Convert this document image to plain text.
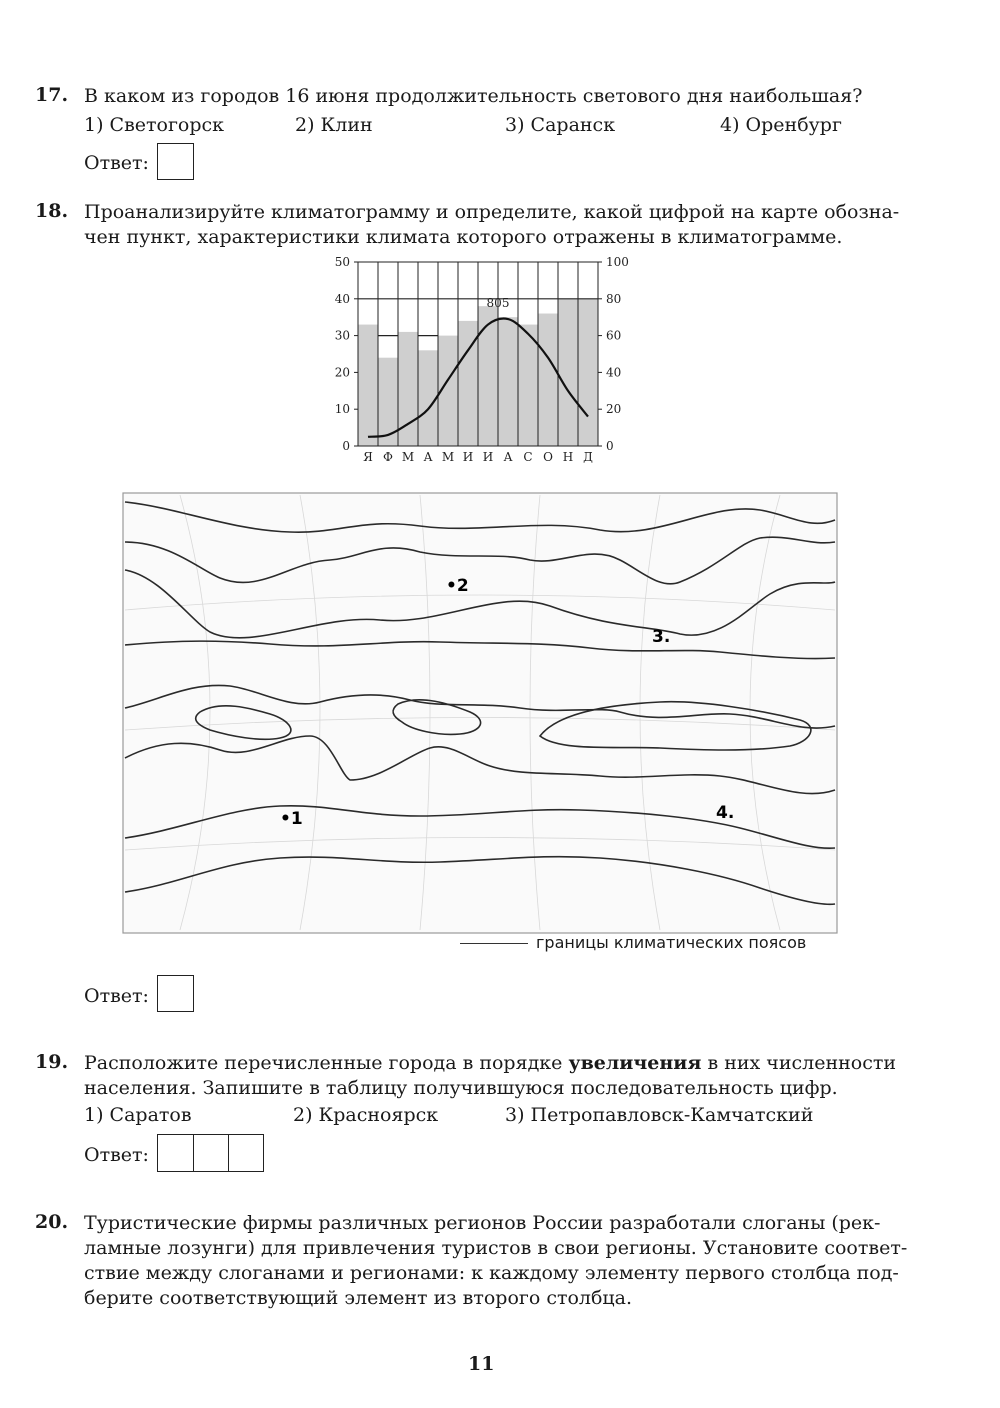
17. В каком из городов 16 июня продолжительность светового дня наибольшая?
1) Светогорск	2) Клин	3) Саранск	4) Оренбург
Ответ:
18. Проанализируйте климатограмму и определите, какой цифрой на карте обозна-
чен пункт, характеристики климата которого отражены в климатограмме.
50
40
30
20
10
0
100
80
60
40
20
0
Я Ф М А М И И А С О Н Д
805
•2
3.
•1	4.
границы климатических поясов
Ответ:
19. Расположите перечисленные города в порядке увеличения в них численности
населения. Запишите в таблицу получившуюся последовательность цифр.
1) Саратов	2) Красноярск	3) Петропавловск-Камчатский
Ответ:
20. Туристические фирмы различных регионов России разработали слоганы (рек-
ламные лозунги) для привлечения туристов в свои регионы. Установите соответ-
ствие между слоганами и регионами: к каждому элементу первого столбца под-
берите соответствующий элемент из второго столбца.
11
